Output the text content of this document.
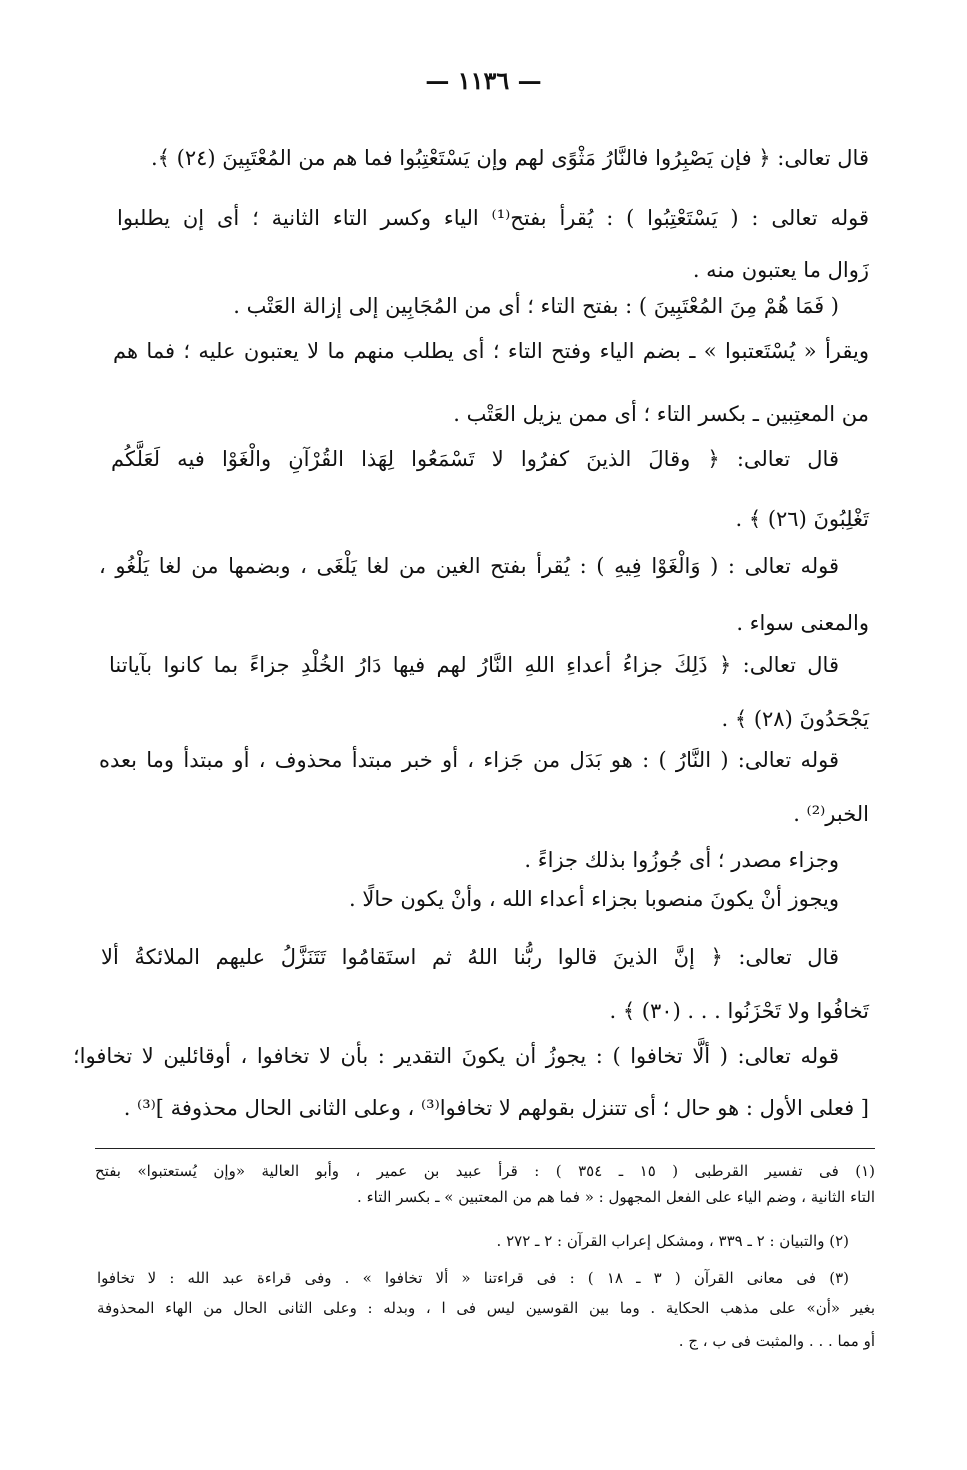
— ١١٣٦ —
قال تعالى: ﴿ فإن يَصْبِرُوا فالنَّارُ مَثْوًى لهم وإن يَسْتَعْتِبُوا فما هم من المُعْتَبِينَ (٢٤) ﴾.
قوله تعالى : ( يَسْتَعْتِبُوا ) : يُقرأ بفتح⁽¹⁾ الياء وكسر التاء الثانية ؛ أى إن يطلبوا
زَوال ما يعتبون منه .
( فَمَا هُمْ مِنَ المُعْتَبِينَ ) : بفتح التاء ؛ أى من المُجَابِين إلى إزالة العَتْب .
ويقرأ « يُسْتَعتبوا » ـ بضم الياء وفتح التاء ؛ أى يطلب منهم ما لا يعتبون عليه ؛ فما هم
من المعتِبين ـ بكسر التاء ؛ أى ممن يزيل العَتْب .
قال تعالى: ﴿ وقالَ الذينَ كفرُوا لا تَسْمَعُوا لِهَذا القُرْآنِ والْغَوْا فيه لَعَلَّكُم
تَغْلِبُونَ (٢٦) ﴾ .
قوله تعالى : ( وَالْغَوْا فِيهِ ) : يُقرأ بفتح الغين من لغا يَلْغَى ، وبضمها من لغا يَلْغُو ،
والمعنى سواء .
قال تعالى: ﴿ ذَلِكَ جزاءُ أعداءِ اللهِ النَّارُ لهم فيها دَارُ الخُلْدِ جزاءً بما كانوا بآياتنا
يَجْحَدُونَ (٢٨) ﴾ .
قوله تعالى: ( النَّارُ ) : هو بَدَل من جَزاء ، أو خبر مبتدأ محذوف ، أو مبتدأ وما بعده
الخبر⁽²⁾ .
وجزاء مصدر ؛ أى جُوزُوا بذلك جزاءً .
ويجوز أنْ يكونَ منصوبا بجزاء أعداء الله ، وأنْ يكون حالًا .
قال تعالى: ﴿ إنَّ الذينَ قالوا ربُّنا اللهُ ثم استَقامُوا تَتَنَزَّلُ عليهم الملائكةُ ألا
تَخافُوا ولا تَحْزَنُوا . . . (٣٠) ﴾ .
قوله تعالى: ( ألَّا تخافوا ) : يجوزُ أن يكونَ التقدير : بأن لا تخافوا ، أوقائلين لا تخافوا؛
[ فعلى الأول : هو حال ؛ أى تتنزل بقولهم لا تخافوا⁽³⁾ ، وعلى الثانى الحال محذوفة ]⁽³⁾ .
(١) فى تفسير القرطبى ( ١٥ ـ ٣٥٤ ) : قرأ عبيد بن عمير ، وأبو العالية «وإن يُستعتبوا» بفتح
التاء الثانية ، وضم الياء على الفعل المجهول : « فما هم من المعتبين » ـ بكسر التاء .
(٢) والتبيان : ٢ ـ ٣٣٩ ، ومشكل إعراب القرآن : ٢ ـ ٢٧٢ .
(٣) فى معانى القرآن ( ٣ ـ ١٨ ) : فى قراءتنا « ألا تخافوا » . وفى قراءة عبد الله : لا تخافوا
بغير «أن» على مذهب الحكاية . وما بين القوسين ليس فى ا ، وبدله : وعلى الثانى الحال من الهاء المحذوفة
أو مما . . . والمثبت فى ب ، ج .
